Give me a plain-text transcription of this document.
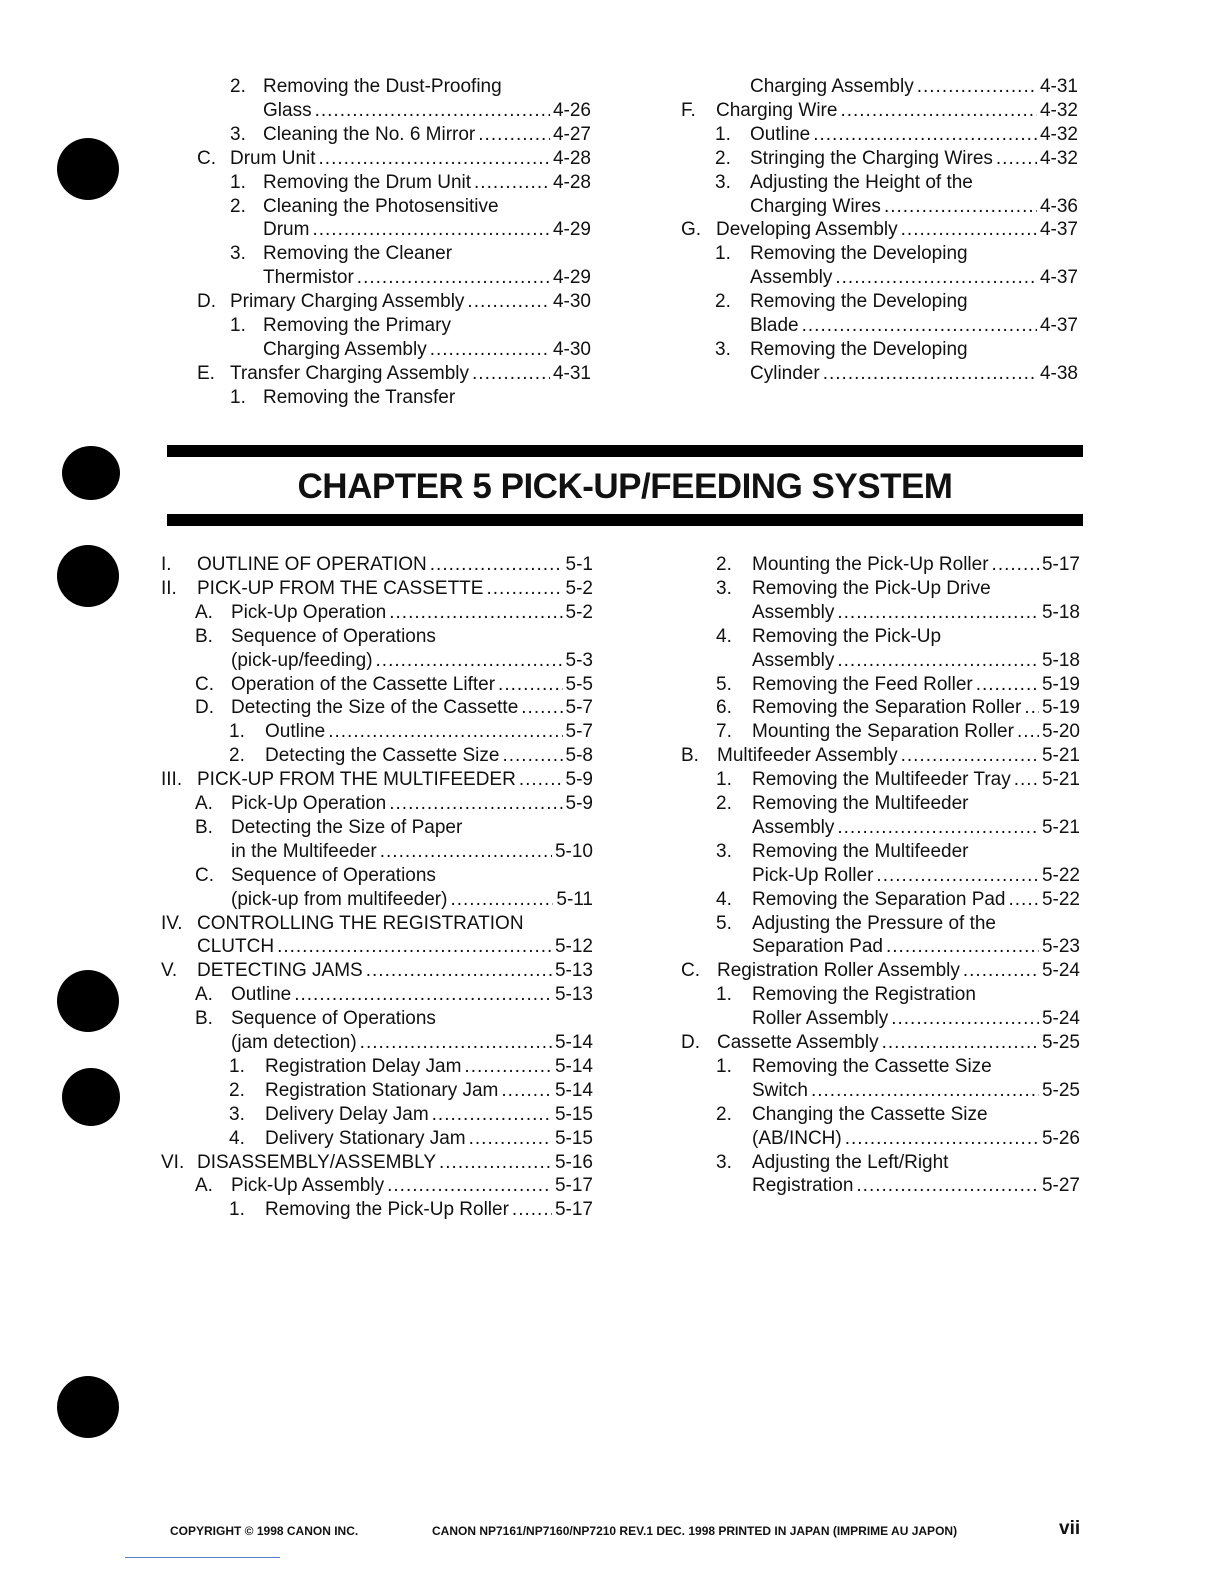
2. Removing the Dust-Proofing
Glass .....	4-26
3. Cleaning the No. 6 Mirror .....	4-27
C. Drum Unit .....	4-28
1. Removing the Drum Unit .....	4-28
2. Cleaning the Photosensitive
Drum .....	4-29
3. Removing the Cleaner
Thermistor .....	4-29
D. Primary Charging Assembly .....	4-30
1. Removing the Primary
Charging Assembly .....	4-30
E. Transfer Charging Assembly .....	4-31
1. Removing the Transfer
Charging Assembly .....	4-31
F.	Charging Wire .....	4-32
1.	Outline .....	4-32
2.	Stringing the Charging Wires ..... 4-32
3.	Adjusting the Height of the
Charging Wires .....	4-36
G. Developing Assembly .....	4-37
1.	Removing the Developing
Assembly .....	4-37
2.	Removing the Developing
Blade .....	4-37
3.	Removing the Developing
Cylinder .....	4-38
CHAPTER 5 PICK-UP/FEEDING SYSTEM
I.	OUTLINE OF OPERATION .....	5-1
II.	PICK-UP FROM THE CASSETTE .....	5-2
A. Pick-Up Operation .....	5-2
B. Sequence of Operations
(pick-up/feeding) .....	5-3
C. Operation of the Cassette Lifter .....	5-5
D. Detecting the Size of the Cassette ..... 5-7
1.	Outline .....	5-7
2.	Detecting the Cassette Size .....	5-8
III. PICK-UP FROM THE MULTIFEEDER .....	5-9
A. Pick-Up Operation .....	5-9
B. Detecting the Size of Paper
in the Multifeeder .....	5-10
C. Sequence of Operations
(pick-up from multifeeder) .....	5-11
IV. CONTROLLING THE REGISTRATION
CLUTCH .....	5-12
V.	DETECTING JAMS .....	5-13
A. Outline .....	5-13
B. Sequence of Operations
(jam detection) .....	5-14
1.	Registration Delay Jam .....	5-14
2.	Registration Stationary Jam .....	5-14
3.	Delivery Delay Jam .....	5-15
4.	Delivery Stationary Jam .....	5-15
VI. DISASSEMBLY/ASSEMBLY .....	5-16
A. Pick-Up Assembly .....	5-17
1.	Removing the Pick-Up Roller ..... 5-17
2.	Mounting the Pick-Up Roller .....	5-17
3.	Removing the Pick-Up Drive
Assembly .....	5-18
4.	Removing the Pick-Up
Assembly .....	5-18
5.	Removing the Feed Roller .....	5-19
6.	Removing the Separation Roller ..... 5-19
7.	Mounting the Separation Roller ..... 5-20
B. Multifeeder Assembly .....	5-21
1.	Removing the Multifeeder Tray ..... 5-21
2.	Removing the Multifeeder
Assembly .....	5-21
3.	Removing the Multifeeder
Pick-Up Roller .....	5-22
4.	Removing the Separation Pad ..... 5-22
5.	Adjusting the Pressure of the
Separation Pad .....	5-23
C. Registration Roller Assembly .....	5-24
1.	Removing the Registration
Roller Assembly .....	5-24
D. Cassette Assembly .....	5-25
1.	Removing the Cassette Size
Switch .....	5-25
2.	Changing the Cassette Size
(AB/INCH) .....	5-26
3.	Adjusting the Left/Right
Registration .....	5-27
COPYRIGHT © 1998 CANON INC.	CANON NP7161/NP7160/NP7210 REV.1 DEC. 1998 PRINTED IN JAPAN (IMPRIME AU JAPON)	vii
